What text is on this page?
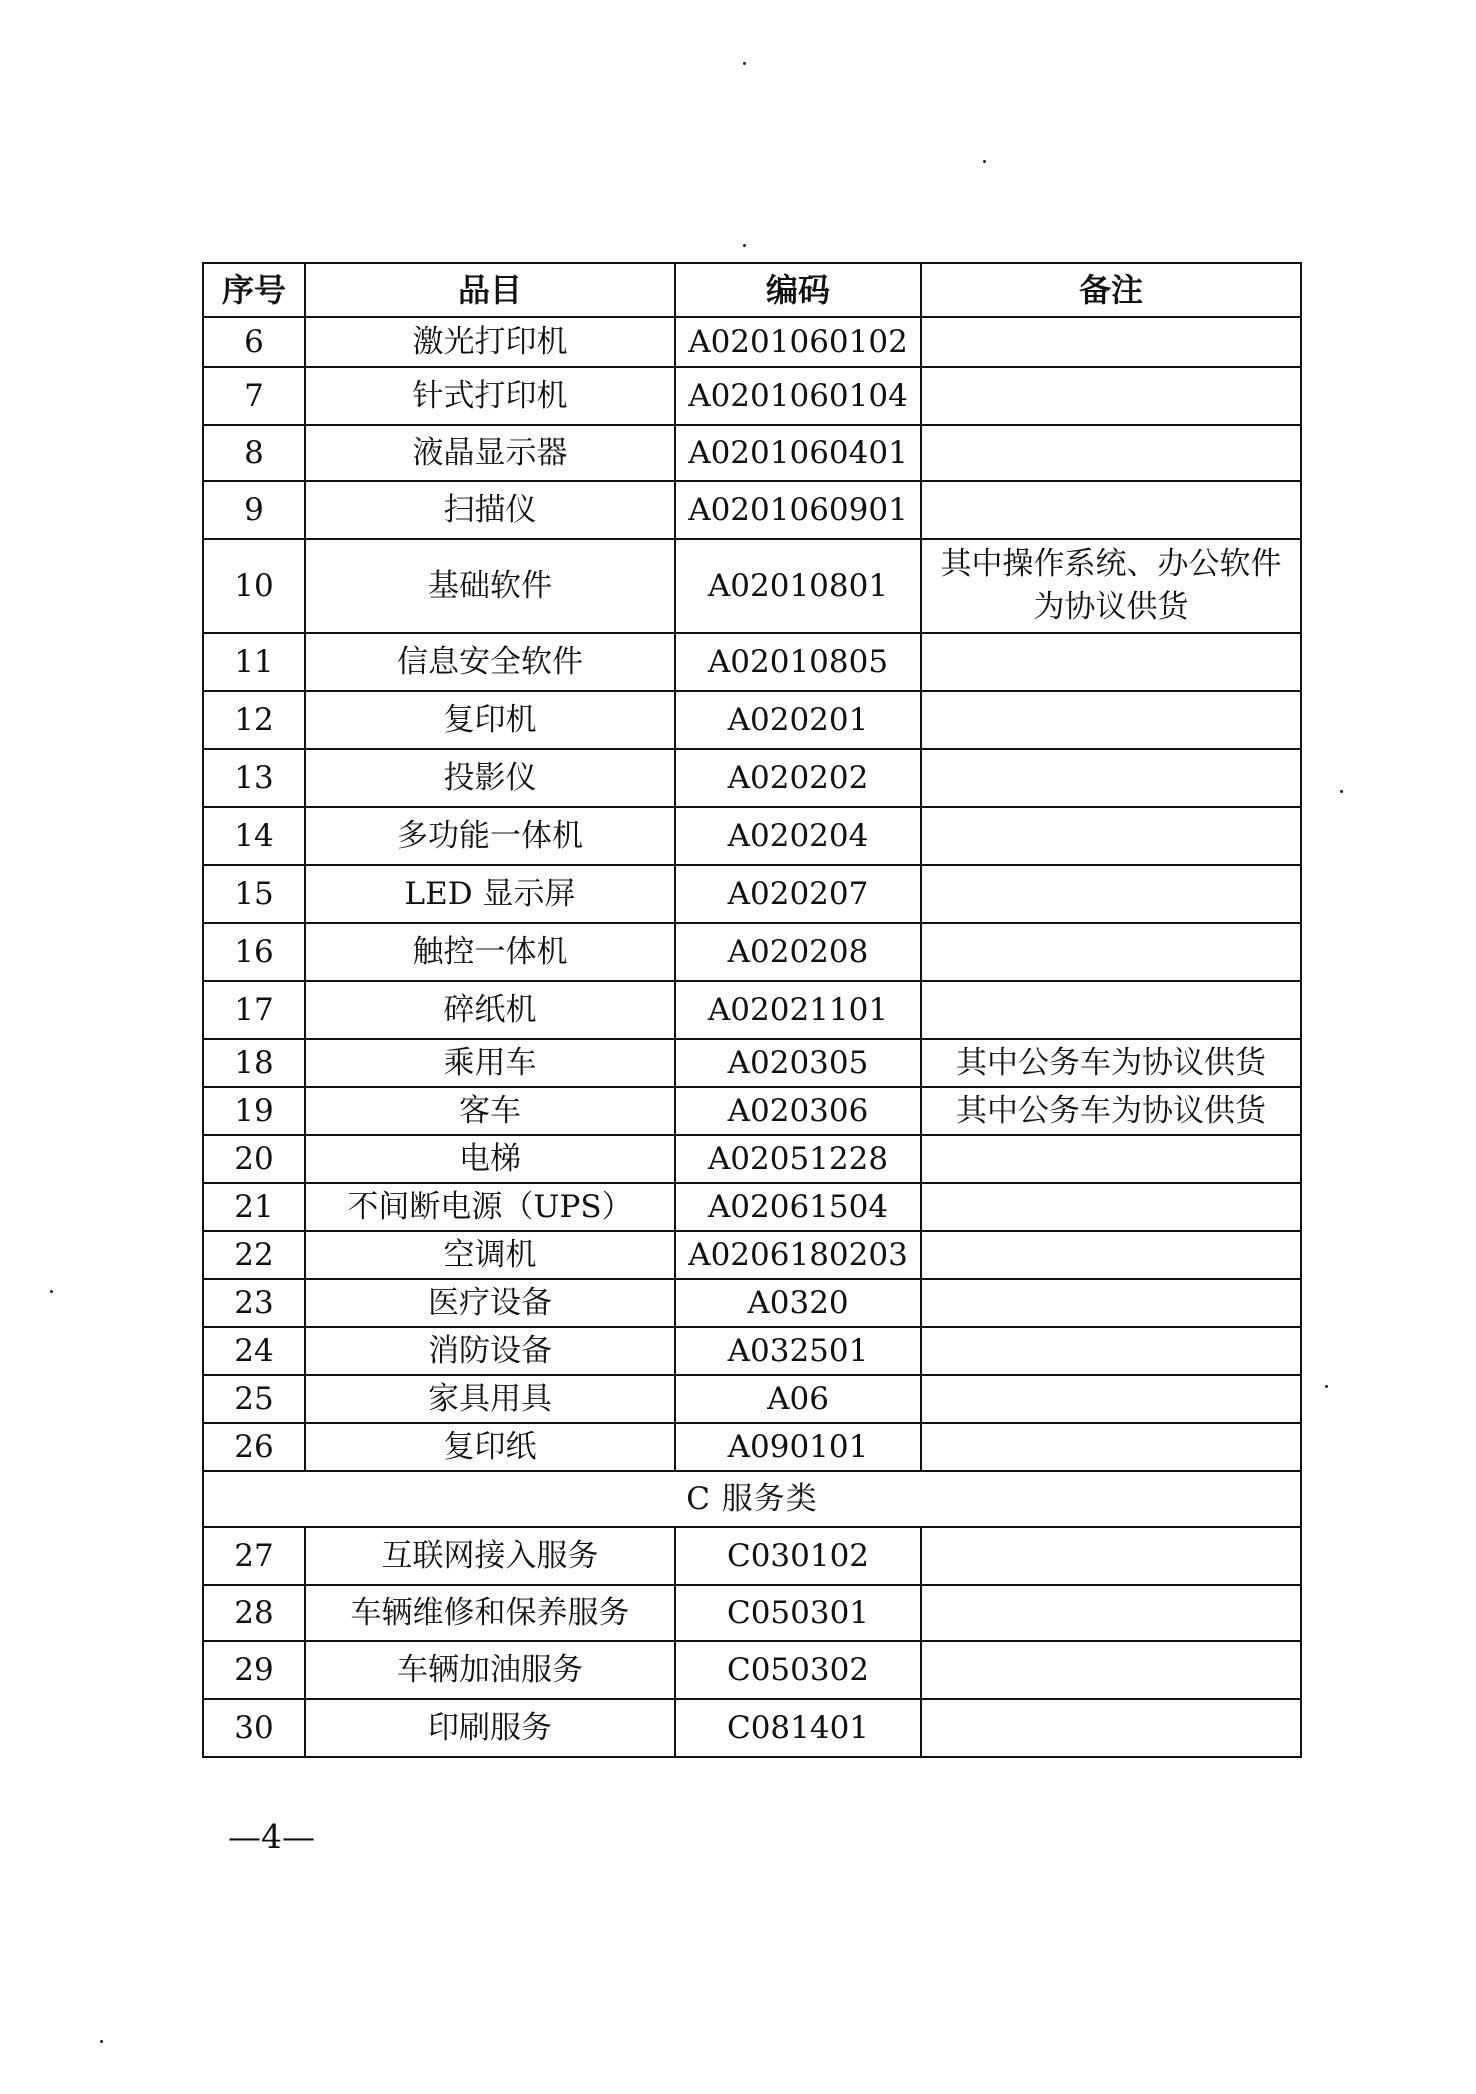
序号	品目	编码	备注
6	激光打印机	A0201060102	
7	针式打印机	A0201060104	
8	液晶显示器	A0201060401	
9	扫描仪	A0201060901	
10	基础软件	A02010801	其中操作系统、办公软件为协议供货
11	信息安全软件	A02010805	
12	复印机	A020201	
13	投影仪	A020202	
14	多功能一体机	A020204	
15	LED 显示屏	A020207	
16	触控一体机	A020208	
17	碎纸机	A02021101	
18	乘用车	A020305	其中公务车为协议供货
19	客车	A020306	其中公务车为协议供货
20	电梯	A02051228	
21	不间断电源（UPS）	A02061504	
22	空调机	A0206180203	
23	医疗设备	A0320	
24	消防设备	A032501	
25	家具用具	A06	
26	复印纸	A090101	
C 服务类			
27	互联网接入服务	C030102	
28	车辆维修和保养服务	C050301	
29	车辆加油服务	C050302	
30	印刷服务	C081401	
—4—
